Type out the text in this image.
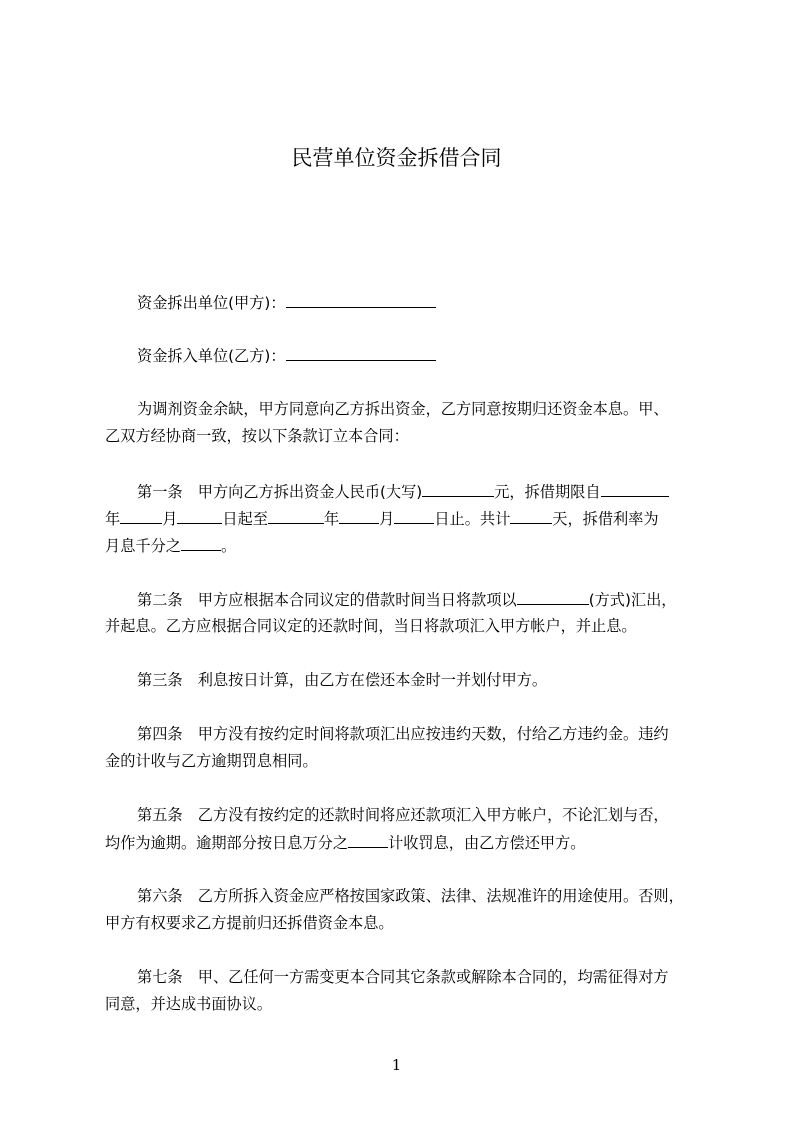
民营单位资金拆借合同
资金拆出单位(甲方)：
资金拆入单位(乙方)：
为调剂资金余缺，甲方同意向乙方拆出资金，乙方同意按期归还资金本息。甲、
乙双方经协商一致，按以下条款订立本合同：
第一条　甲方向乙方拆出资金人民币(大写)	元，拆借期限自
年	月	日起至	年	月	日止。共计	天，拆借利率为
月息千分之	。
第二条　甲方应根据本合同议定的借款时间当日将款项以	(方式)汇出，
并起息。乙方应根据合同议定的还款时间，当日将款项汇入甲方帐户，并止息。
第三条　利息按日计算，由乙方在偿还本金时一并划付甲方。
第四条　甲方没有按约定时间将款项汇出应按违约天数，付给乙方违约金。违约
金的计收与乙方逾期罚息相同。
第五条　乙方没有按约定的还款时间将应还款项汇入甲方帐户，不论汇划与否，
均作为逾期。逾期部分按日息万分之	计收罚息，由乙方偿还甲方。
第六条　乙方所拆入资金应严格按国家政策、法律、法规准许的用途使用。否则，
甲方有权要求乙方提前归还拆借资金本息。
第七条　甲、乙任何一方需变更本合同其它条款或解除本合同的，均需征得对方
同意，并达成书面协议。
1
